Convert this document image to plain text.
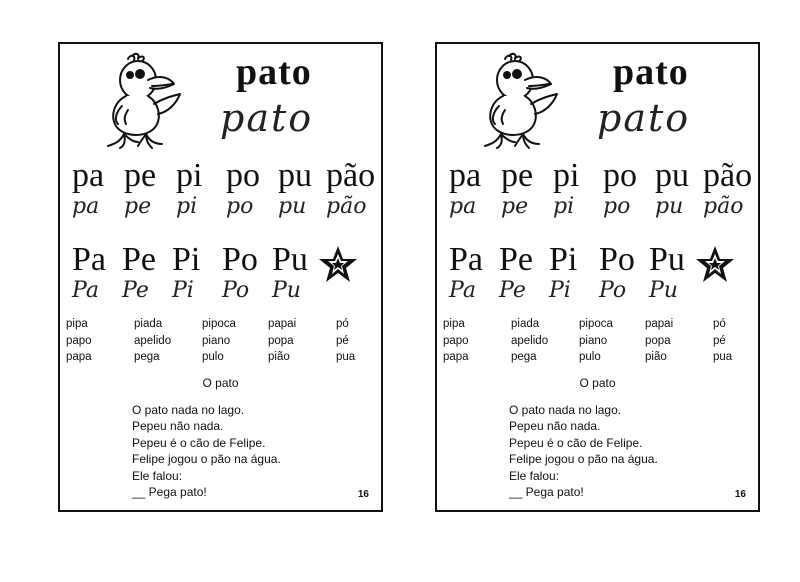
pato
pato
pa pe pi po pu pão
pa pe pi po pu pão
Pa Pe Pi Po Pu
Pa Pe Pi Po Pu
pipa
papo
papa
piada
apelido
pega
pipoca
piano
pulo
papai
popa
pião
pó
pé
pua
O pato
O pato nada no lago.
Pepeu não nada.
Pepeu é o cão de Felipe.
Felipe jogou o pão na água.
Ele falou:
__ Pega pato!	16
pato
pato
pa pe pi po pu pão
pa pe pi po pu pão
Pa Pe Pi Po Pu
Pa Pe Pi Po Pu
pipa
papo
papa
piada
apelido
pega
pipoca
piano
pulo
papai
popa
pião
pó
pé
pua
O pato
O pato nada no lago.
Pepeu não nada.
Pepeu é o cão de Felipe.
Felipe jogou o pão na água.
Ele falou:
__ Pega pato!	16
